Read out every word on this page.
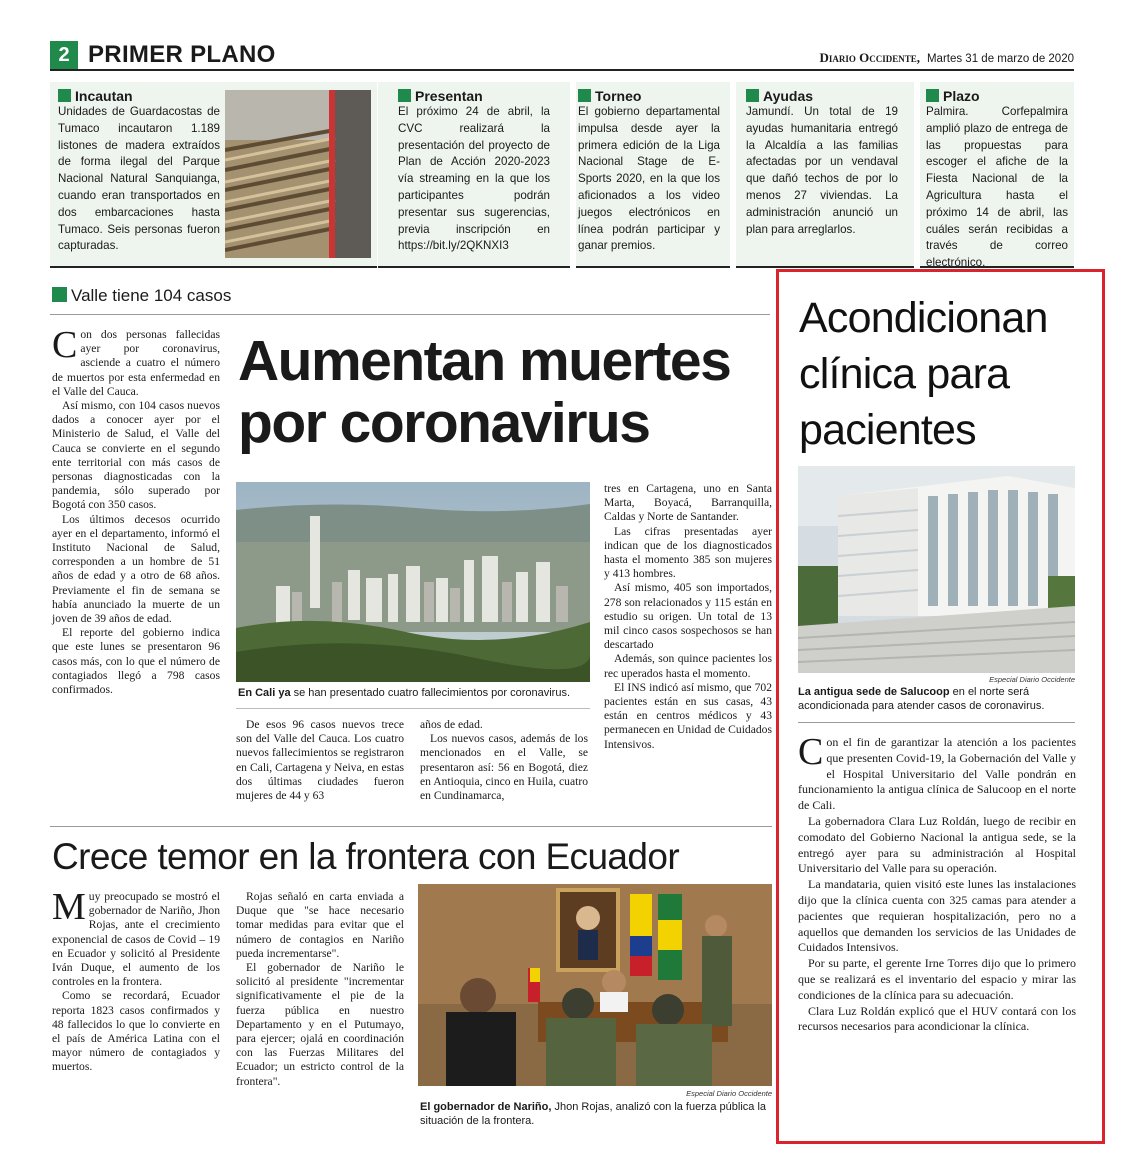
2 PRIMER PLANO	Diario Occidente, Martes 31 de marzo de 2020
Incautan
Unidades de Guardacostas de Tumaco incautaron 1.189 listones de madera extraídos de forma ilegal del Parque Nacional Natural Sanquianga, cuando eran transportados en dos embarcaciones hasta Tumaco. Seis personas fueron capturadas.
Presentan
El próximo 24 de abril, la CVC realizará la presentación del proyecto de Plan de Acción 2020-2023 vía streaming en la que los participantes podrán presentar sus sugerencias, previa inscripción en https://bit.ly/2QKNXI3
Torneo
El gobierno departamental impulsa desde ayer la primera edición de la Liga Nacional Stage de E-Sports 2020, en la que los aficionados a los video juegos electrónicos en línea podrán participar y ganar premios.
Ayudas
Jamundí. Un total de 19 ayudas humanitaria entregó la Alcaldía a las familias afectadas por un vendaval que dañó techos de por lo menos 27 viviendas. La administración anunció un plan para arreglarlos.
Plazo
Palmira. Corfepalmira amplió plazo de entrega de las propuestas para escoger el afiche de la Fiesta Nacional de la Agricultura hasta el próximo 14 de abril, las cuáles serán recibidas a través de correo electrónico.
Valle tiene 104 casos
C on dos personas fallecidas ayer por coronavirus, asciende a cuatro el número de muertos por esta enfermedad en el Valle del Cauca.

Así mismo, con 104 casos nuevos dados a conocer ayer por el Ministerio de Salud, el Valle del Cauca se convierte en el segundo ente territorial con más casos de personas diagnosticadas con la pandemia, sólo superado por Bogotá con 350 casos.

Los últimos decesos ocurrido ayer en el departamento, informó el Instituto Nacional de Salud, corresponden a un hombre de 51 años de edad y a otro de 68 años. Previamente el fin de semana se había anunciado la muerte de un joven de 39 años de edad.

El reporte del gobierno indica que este lunes se presentaron 96 casos más, con lo que el número de contagiados llegó a 798 casos confirmados.

Aumentan muertes
por coronavirus
En Cali ya se han presentado cuatro fallecimientos por coronavirus.

De esos 96 casos nuevos trece son del Valle del Cauca. Los cuatro nuevos fallecimientos se registraron en Cali, Cartagena y Neiva, en estas dos últimas ciudades fueron mujeres de 44 y 63

años de edad.

Los nuevos casos, además de los mencionados en el Valle, se presentaron así: 56 en Bogotá, diez en Antioquia, cinco en Huila, cuatro en Cundinamarca,

tres en Cartagena, uno en Santa Marta, Boyacá, Barranquilla, Caldas y Norte de Santander.

Las cifras presentadas ayer indican que de los diagnosticados hasta el momento 385 son mujeres y 413 hombres.

Así mismo, 405 son importados, 278 son relacionados y 115 están en estudio su origen. Un total de 13 mil cinco casos sospechosos se han descartado

Además, son quince pacientes los rec uperados hasta el momento.

El INS indicó así mismo, que 702 pacientes están en sus casas, 43 están en centros médicos y 43 permanecen en Unidad de Cuidados Intensivos.

Crece temor en la frontera con Ecuador
M uy preocupado se mostró el gobernador de Nariño, Jhon Rojas, ante el crecimiento exponencial de casos de Covid – 19 en Ecuador y solicitó al Presidente Iván Duque, el aumento de los controles en la frontera.

Como se recordará, Ecuador reporta 1823 casos confirmados y 48 fallecidos lo que lo convierte en el país de América Latina con el mayor número de contagiados y muertos.

Rojas señaló en carta enviada a Duque que "se hace necesario tomar medidas para evitar que el número de contagios en Nariño pueda incrementarse".

El gobernador de Nariño le solicitó al presidente "incrementar significativamente el pie de la fuerza pública en nuestro Departamento y en el Putumayo, para ejercer; ojalá en coordinación con las Fuerzas Militares del Ecuador; un estricto control de la frontera".

Especial Diario Occidente
El gobernador de Nariño, Jhon Rojas, analizó con la fuerza pública la situación de la frontera.
Acondicionan
clínica para
pacientes
Especial Diario Occidente
La antigua sede de Salucoop en el norte será acondicionada para atender casos de coronavirus.
C on el fin de garantizar la atención a los pacientes que presenten Covid-19, la Gobernación del Valle y el Hospital Universitario del Valle pondrán en funcionamiento la antigua clínica de Salucoop en el norte de Cali.

La gobernadora Clara Luz Roldán, luego de recibir en comodato del Gobierno Nacional la antigua sede, se la entregó ayer para su administración al Hospital Universitario del Valle para su operación.

La mandataria, quien visitó este lunes las instalaciones dijo que la clínica cuenta con 325 camas para atender a pacientes que requieran hospitalización, pero no a aquellos que demanden los servicios de las Unidades de Cuidados Intensivos.

Por su parte, el gerente Irne Torres dijo que lo primero que se realizará es el inventario del espacio y mirar las condiciones de la clínica para su adecuación.

Clara Luz Roldán explicó que el HUV contará con los recursos necesarios para acondicionar la clínica.
